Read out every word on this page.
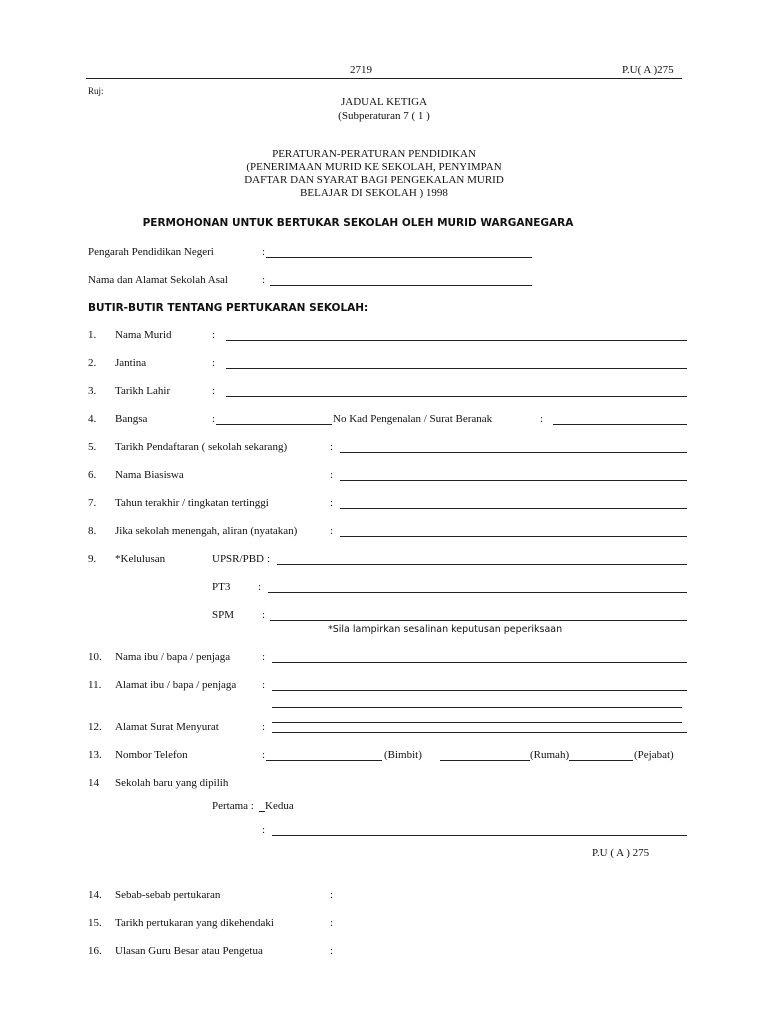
2719	P.U( A )275
Ruj:
JADUAL KETIGA
(Subperaturan 7 ( 1 )
PERATURAN-PERATURAN PENDIDIKAN
(PENERIMAAN MURID KE SEKOLAH, PENYIMPAN
DAFTAR DAN SYARAT BAGI PENGEKALAN MURID
BELAJAR DI SEKOLAH ) 1998
PERMOHONAN UNTUK BERTUKAR SEKOLAH OLEH MURID WARGANEGARA
Pengarah Pendidikan Negeri	:
Nama dan Alamat Sekolah Asal	:
BUTIR-BUTIR TENTANG PERTUKARAN SEKOLAH:
1. Nama Murid	:
2. Jantina	:
3. Tarikh Lahir	:
4. Bangsa	:	No Kad Pengenalan / Surat Beranak	:
5. Tarikh Pendaftaran ( sekolah sekarang)	:
6. Nama Biasiswa	:
7. Tahun terakhir / tingkatan tertinggi	:
8. Jika sekolah menengah, aliran (nyatakan)	:
9. *Kelulusan	UPSR/PBD :
PT3	:
SPM	:
*Sila lampirkan sesalinan keputusan peperiksaan
10. Nama ibu / bapa / penjaga	:
11. Alamat ibu / bapa / penjaga :
12. Alamat Surat Menyurat	:
13. Nombor Telefon	:	(Bimbit)	(Rumah)	(Pejabat)
14 Sekolah baru yang dipilih
Pertama : Kedua
:
P.U ( A ) 275
14. Sebab-sebab pertukaran	:
15. Tarikh pertukaran yang dikehendaki	:
16. Ulasan Guru Besar atau Pengetua	:
